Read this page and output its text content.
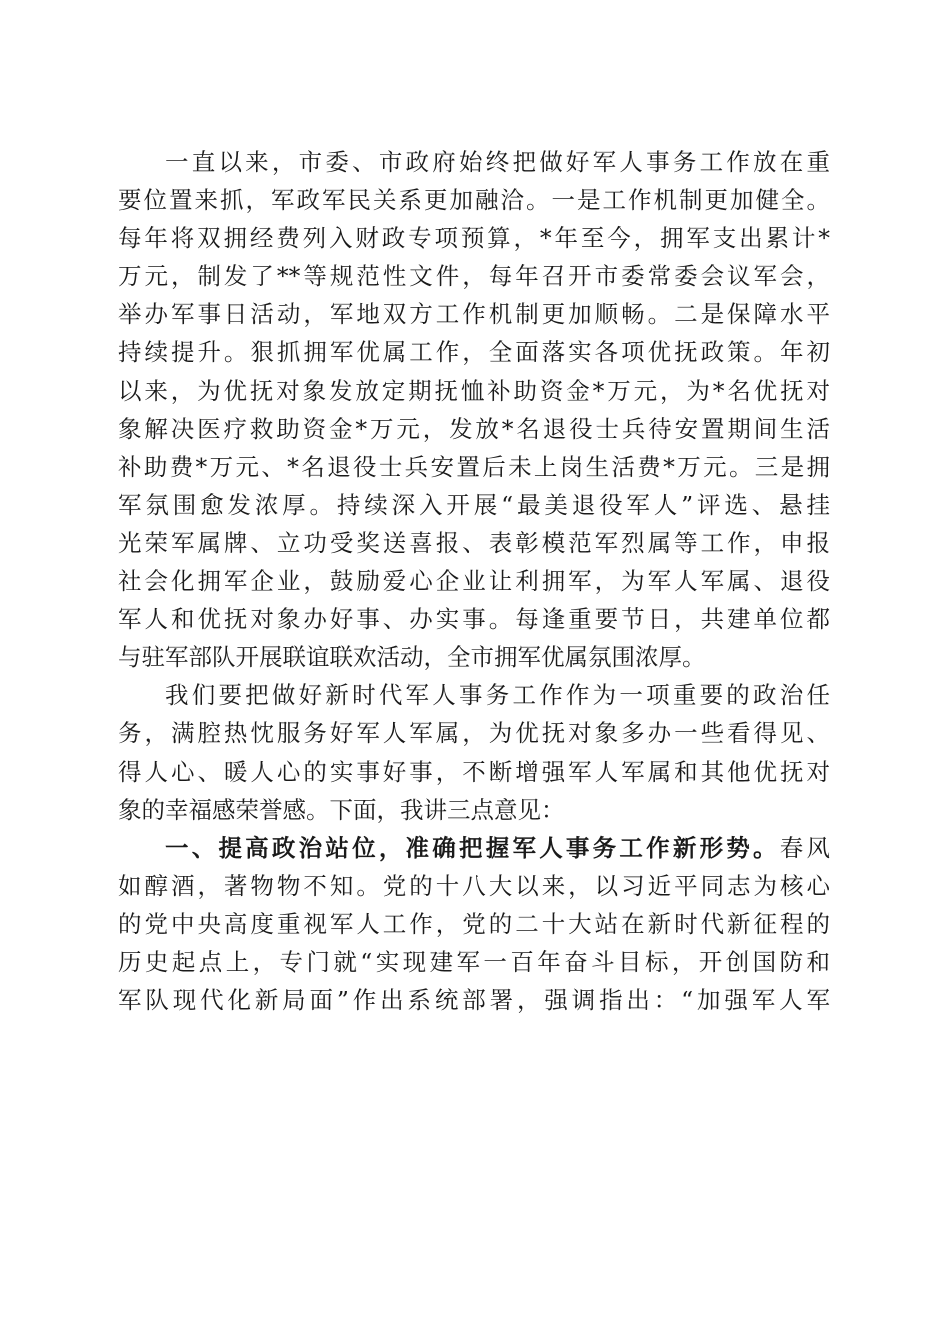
一直以来，市委、市政府始终把做好军人事务工作放在重
要位置来抓，军政军民关系更加融洽。一是工作机制更加健全。
每年将双拥经费列入财政专项预算，*年至今，拥军支出累计*
万元，制发了**等规范性文件，每年召开市委常委会议军会，
举办军事日活动，军地双方工作机制更加顺畅。二是保障水平
持续提升。狠抓拥军优属工作，全面落实各项优抚政策。年初
以来，为优抚对象发放定期抚恤补助资金*万元，为*名优抚对
象解决医疗救助资金*万元，发放*名退役士兵待安置期间生活
补助费*万元、*名退役士兵安置后未上岗生活费*万元。三是拥
军氛围愈发浓厚。持续深入开展“最美退役军人”评选、悬挂
光荣军属牌、立功受奖送喜报、表彰模范军烈属等工作，申报
社会化拥军企业，鼓励爱心企业让利拥军，为军人军属、退役
军人和优抚对象办好事、办实事。每逢重要节日，共建单位都
与驻军部队开展联谊联欢活动，全市拥军优属氛围浓厚。
我们要把做好新时代军人事务工作作为一项重要的政治任
务，满腔热忱服务好军人军属，为优抚对象多办一些看得见、
得人心、暖人心的实事好事，不断增强军人军属和其他优抚对
象的幸福感荣誉感。下面，我讲三点意见：
一、提高政治站位，准确把握军人事务工作新形势。春风
如醇酒，著物物不知。党的十八大以来，以习近平同志为核心
的党中央高度重视军人工作，党的二十大站在新时代新征程的
历史起点上，专门就“实现建军一百年奋斗目标，开创国防和
军队现代化新局面”作出系统部署，强调指出：“加强军人军
